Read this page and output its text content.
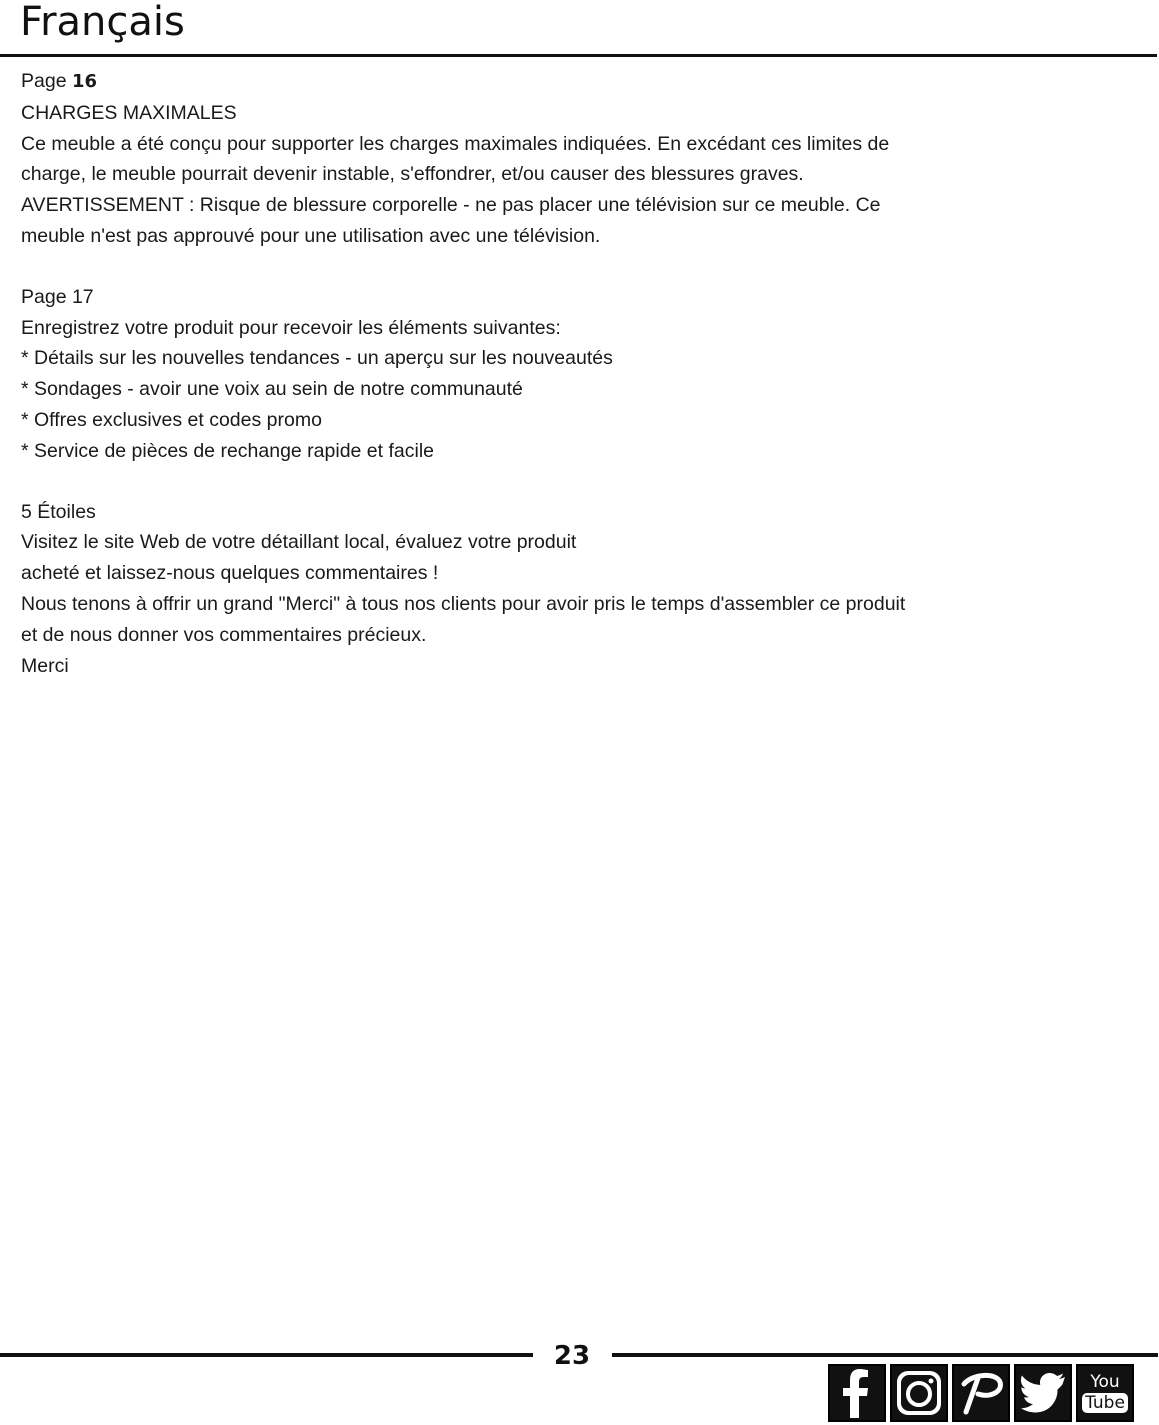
Français

Page 16

CHARGES MAXIMALES

Ce meuble a été conçu pour supporter les charges maximales indiquées. En excédant ces limites de

charge, le meuble pourrait devenir instable, s'effondrer, et/ou causer des blessures graves.

AVERTISSEMENT : Risque de blessure corporelle - ne pas placer une télévision sur ce meuble. Ce

meuble n'est pas approuvé pour une utilisation avec une télévision.

Page 17

Enregistrez votre produit pour recevoir les éléments suivantes:

* Détails sur les nouvelles tendances - un aperçu sur les nouveautés

* Sondages - avoir une voix au sein de notre communauté

* Offres exclusives et codes promo

* Service de pièces de rechange rapide et facile

5 Étoiles

Visitez le site Web de votre détaillant local, évaluez votre produit

acheté et laissez-nous quelques commentaires !

Nous tenons à offrir un grand "Merci" à tous nos clients pour avoir pris le temps d'assembler ce produit

et de nous donner vos commentaires précieux.

Merci

23
You
Tube
